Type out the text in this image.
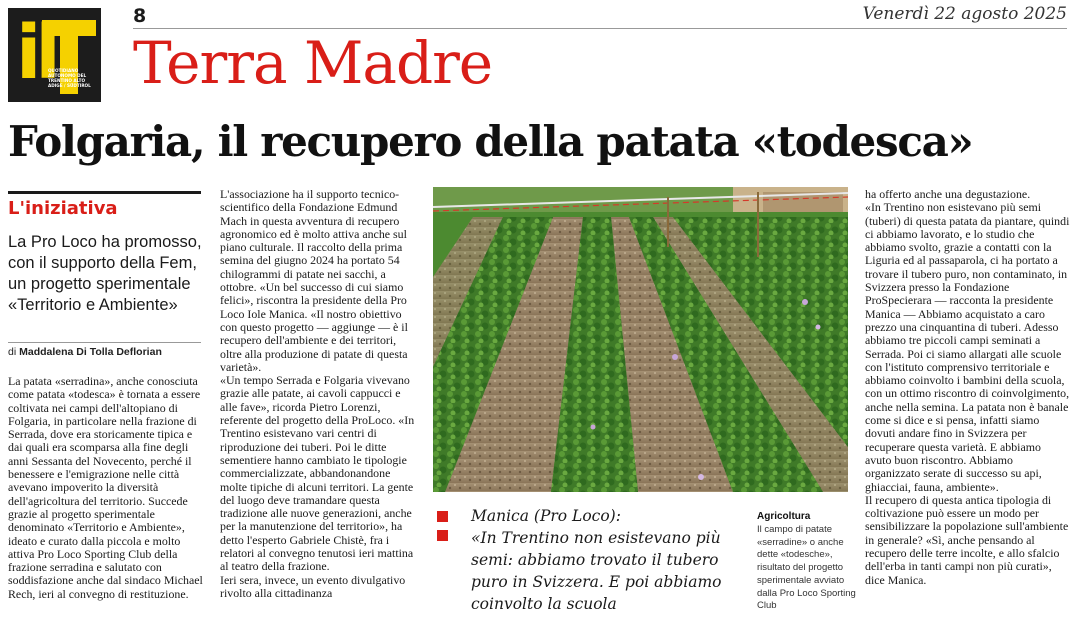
il
QUOTIDIANO AUTONOMO DEL TRENTINO ALTO ADIGE / SÜDTIROL
8	Venerdì 22 agosto 2025
Terra Madre
Folgaria, il recupero della patata «todesca»
L'iniziativa
La Pro Loco ha promosso, con il supporto della Fem, un progetto sperimentale «Territorio e Ambiente»
di Maddalena Di Tolla Deflorian

La patata «serradina», anche conosciuta come patata «todesca» è tornata a essere coltivata nei campi dell'altopiano di Folgaria, in particolare nella frazione di Serrada, dove era storicamente tipica e dai quali era scomparsa alla fine degli anni Sessanta del Novecento, perché il benessere e l'emigrazione nelle città avevano impoverito la diversità dell'agricoltura del territorio. Succede grazie al progetto sperimentale denominato «Territorio e Ambiente», ideato e curato dalla piccola e molto attiva Pro Loco Sporting Club della frazione serradina e salutato con soddisfazione anche dal sindaco Michael Rech, ieri al convegno di restituzione.

L'associazione ha il supporto tecnico-scientifico della Fondazione Edmund Mach in questa avventura di recupero agronomico ed è molto attiva anche sul piano culturale. Il raccolto della prima semina del giugno 2024 ha portato 54 chilogrammi di patate nei sacchi, a ottobre. «Un bel successo di cui siamo felici», riscontra la presidente della Pro Loco Iole Manica. «Il nostro obiettivo con questo progetto — aggiunge — è il recupero dell'ambiente e dei territori, oltre alla produzione di patate di questa varietà».

«Un tempo Serrada e Folgaria vivevano grazie alle patate, ai cavoli cappucci e alle fave», ricorda Pietro Lorenzi, referente del progetto della ProLoco. «In Trentino esistevano vari centri di riproduzione dei tuberi. Poi le ditte sementiere hanno cambiato le tipologie commercializzate, abbandonandone molte tipiche di alcuni territori. La gente del luogo deve tramandare questa tradizione alle nuove generazioni, anche per la manutenzione del territorio», ha detto l'esperto Gabriele Chistè, fra i relatori al convegno tenutosi ieri mattina al teatro della frazione.

Ieri sera, invece, un evento divulgativo rivolto alla cittadinanza

ha offerto anche una degustazione.

«In Trentino non esistevano più semi (tuberi) di questa patata da piantare, quindi ci abbiamo lavorato, e lo studio che abbiamo svolto, grazie a contatti con la Liguria ed al passaparola, ci ha portato a trovare il tubero puro, non contaminato, in Svizzera presso la Fondazione ProSpecierara — racconta la presidente Manica — Abbiamo acquistato a caro prezzo una cinquantina di tuberi. Adesso abbiamo tre piccoli campi seminati a Serrada. Poi ci siamo allargati alle scuole con l'istituto comprensivo territoriale e abbiamo coinvolto i bambini della scuola, con un ottimo riscontro di coinvolgimento, anche nella semina. La patata non è banale come si dice e si pensa, infatti siamo dovuti andare fino in Svizzera per recuperare questa varietà. E abbiamo avuto buon riscontro. Abbiamo organizzato serate di successo su api, ghiacciai, fauna, ambiente».

Il recupero di questa antica tipologia di coltivazione può essere un modo per sensibilizzare la popolazione sull'ambiente in generale? «Sì, anche pensando al recupero delle terre incolte, e allo sfalcio dell'erba in tanti campi non più curati», dice Manica.

Manica (Pro Loco):
«In Trentino non esistevano più semi: abbiamo trovato il tubero puro in Svizzera. E poi abbiamo coinvolto la scuola
Agricoltura
Il campo di patate «serradine» o anche dette «todesche», risultato del progetto sperimentale avviato dalla Pro Loco Sporting Club
